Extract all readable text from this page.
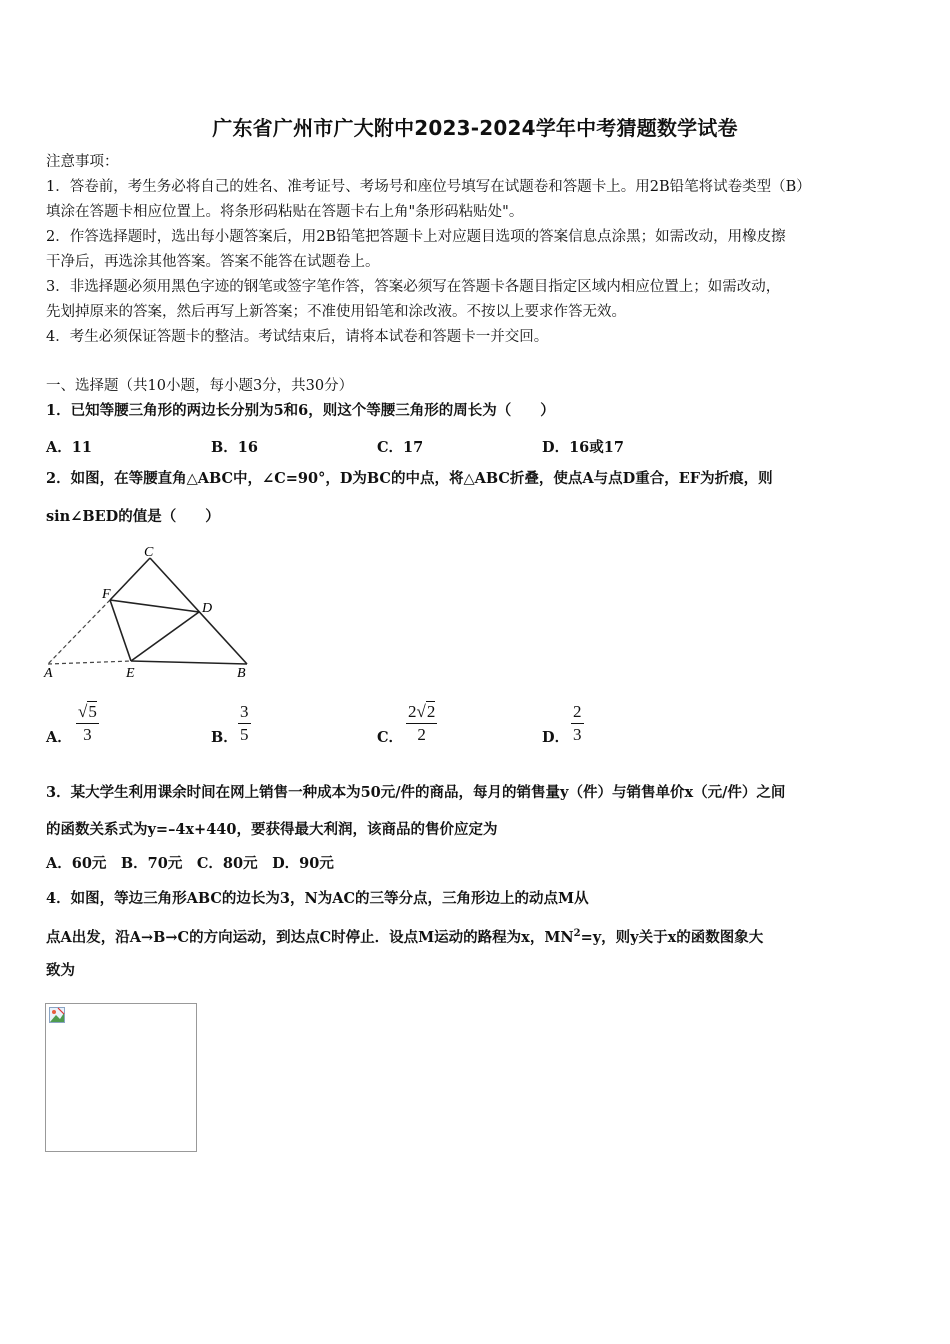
广东省广州市广大附中2023-2024学年中考猜题数学试卷
注意事项：
1．答卷前，考生务必将自己的姓名、准考证号、考场号和座位号填写在试题卷和答题卡上。用2B铅笔将试卷类型（B）
填涂在答题卡相应位置上。将条形码粘贴在答题卡右上角"条形码粘贴处"。
2．作答选择题时，选出每小题答案后，用2B铅笔把答题卡上对应题目选项的答案信息点涂黑；如需改动，用橡皮擦
干净后，再选涂其他答案。答案不能答在试题卷上。
3．非选择题必须用黑色字迹的钢笔或签字笔作答，答案必须写在答题卡各题目指定区域内相应位置上；如需改动，
先划掉原来的答案，然后再写上新答案；不准使用铅笔和涂改液。不按以上要求作答无效。
4．考生必须保证答题卡的整洁。考试结束后，请将本试卷和答题卡一并交回。
一、选择题（共10小题，每小题3分，共30分）
1．已知等腰三角形的两边长分别为5和6，则这个等腰三角形的周长为（　　）
A．11	B．16	C．17	D．16或17
2．如图，在等腰直角△ABC中，∠C=90°，D为BC的中点，将△ABC折叠，使点A与点D重合，EF为折痕，则
sin∠BED的值是（　　）
C
F
D
A	E	B
A．
√5
3	B．
3
5	C．
2√2
2	D．
2
3
3．某大学生利用课余时间在网上销售一种成本为50元/件的商品，每月的销售量y（件）与销售单价x（元/件）之间
的函数关系式为y=–4x+440，要获得最大利润，该商品的售价应定为
A．60元　B．70元　C．80元　D．90元
4．如图，等边三角形ABC的边长为3，N为AC的三等分点，三角形边上的动点M从
点A出发，沿A→B→C的方向运动，到达点C时停止．设点M运动的路程为x，$MN^2=y$，则y关于x的函数图象大
致为
